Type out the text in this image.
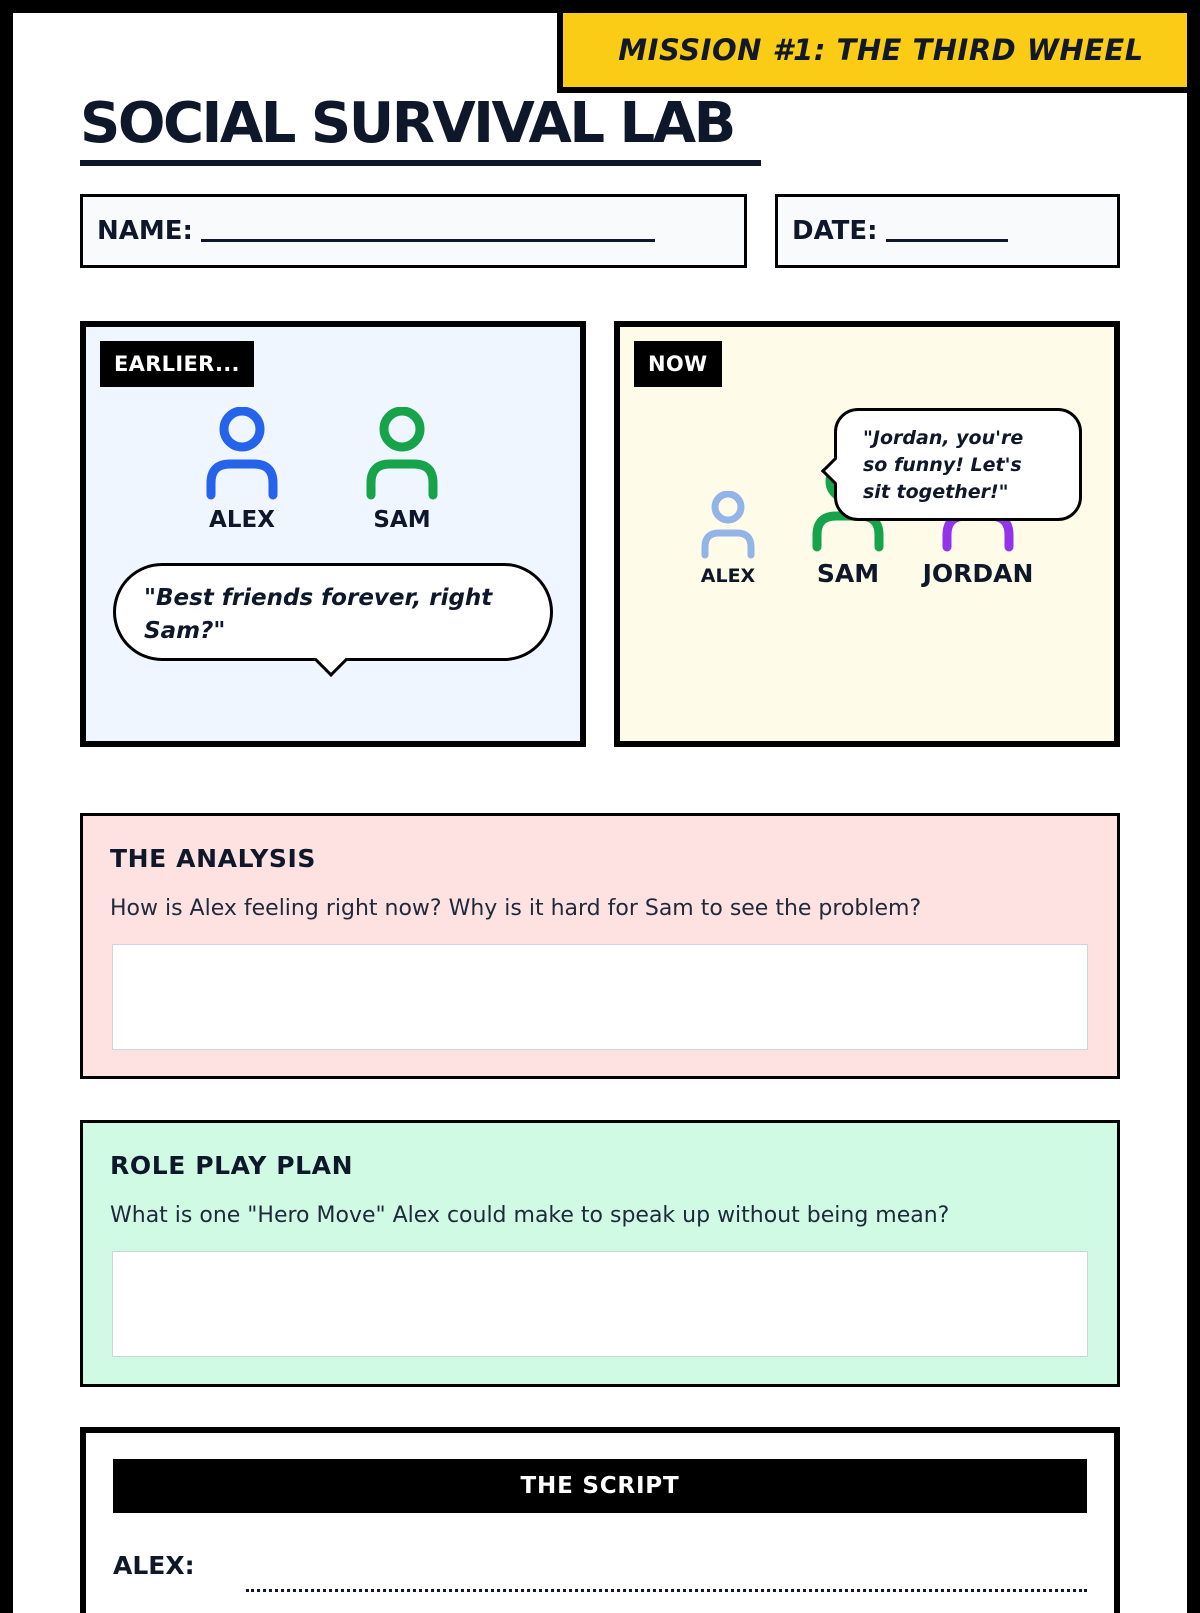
MISSION #1: THE THIRD WHEEL
SOCIAL SURVIVAL LAB
NAME:	DATE:
EARLIER...
ALEX	SAM
"Best friends forever, right Sam?"
NOW
ALEX SAM JORDAN
"Jordan, you're so funny! Let's sit together!"
THE ANALYSIS

How is Alex feeling right now? Why is it hard for Sam to see the problem?

ROLE PLAY PLAN

What is one "Hero Move" Alex could make to speak up without being mean?

THE SCRIPT
ALEX:
